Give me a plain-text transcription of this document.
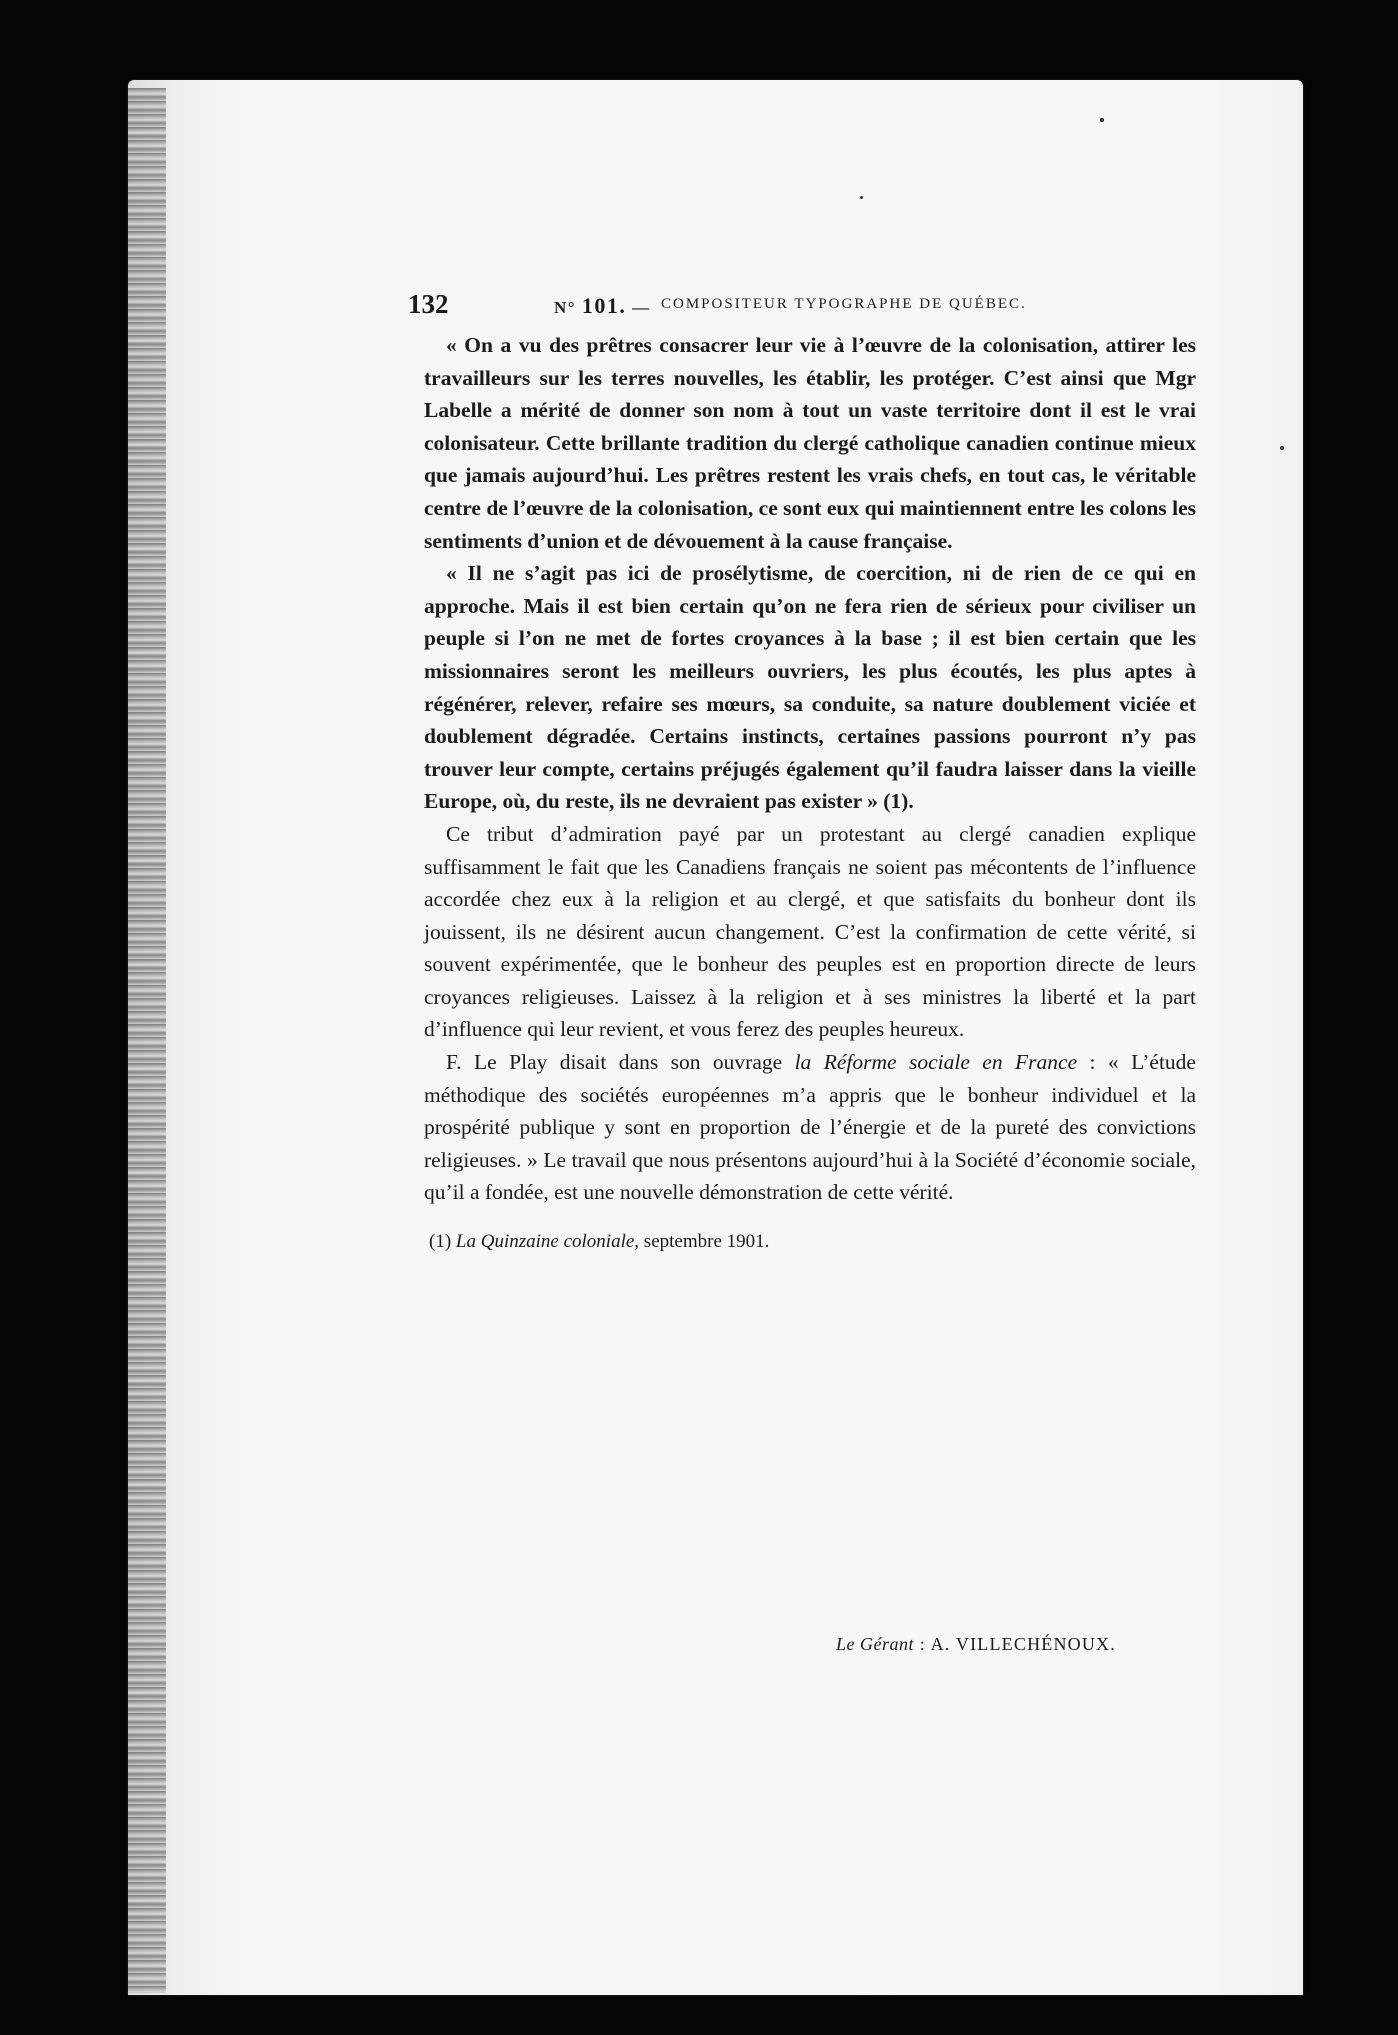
132	N° 101. — COMPOSITEUR TYPOGRAPHE DE QUÉBEC.

« On a vu des prêtres consacrer leur vie à l’œuvre de la colonisation, attirer les travailleurs sur les terres nouvelles, les établir, les protéger. C’est ainsi que Mgr Labelle a mérité de donner son nom à tout un vaste territoire dont il est le vrai colonisateur. Cette brillante tradition du clergé catholique canadien continue mieux que jamais aujourd’hui. Les prêtres restent les vrais chefs, en tout cas, le véritable centre de l’œuvre de la colonisation, ce sont eux qui maintiennent entre les colons les sentiments d’union et de dévouement à la cause française.

« Il ne s’agit pas ici de prosélytisme, de coercition, ni de rien de ce qui en approche. Mais il est bien certain qu’on ne fera rien de sérieux pour civiliser un peuple si l’on ne met de fortes croyances à la base ; il est bien certain que les missionnaires seront les meilleurs ouvriers, les plus écoutés, les plus aptes à régénérer, relever, refaire ses mœurs, sa conduite, sa nature doublement viciée et doublement dégradée. Certains instincts, certaines passions pourront n’y pas trouver leur compte, certains préjugés également qu’il faudra laisser dans la vieille Europe, où, du reste, ils ne devraient pas exister » (1).

Ce tribut d’admiration payé par un protestant au clergé canadien explique suffisamment le fait que les Canadiens français ne soient pas mécontents de l’influence accordée chez eux à la religion et au clergé, et que satisfaits du bonheur dont ils jouissent, ils ne désirent aucun changement. C’est la confirmation de cette vérité, si souvent expérimentée, que le bonheur des peuples est en proportion directe de leurs croyances religieuses. Laissez à la religion et à ses ministres la liberté et la part d’influence qui leur revient, et vous ferez des peuples heureux.

F. Le Play disait dans son ouvrage la Réforme sociale en France : « L’étude méthodique des sociétés européennes m’a appris que le bonheur individuel et la prospérité publique y sont en proportion de l’énergie et de la pureté des convictions religieuses. » Le travail que nous présentons aujourd’hui à la Société d’économie sociale, qu’il a fondée, est une nouvelle démonstration de cette vérité.

(1) La Quinzaine coloniale, septembre 1901.
Le Gérant : A. VILLECHÉNOUX.
